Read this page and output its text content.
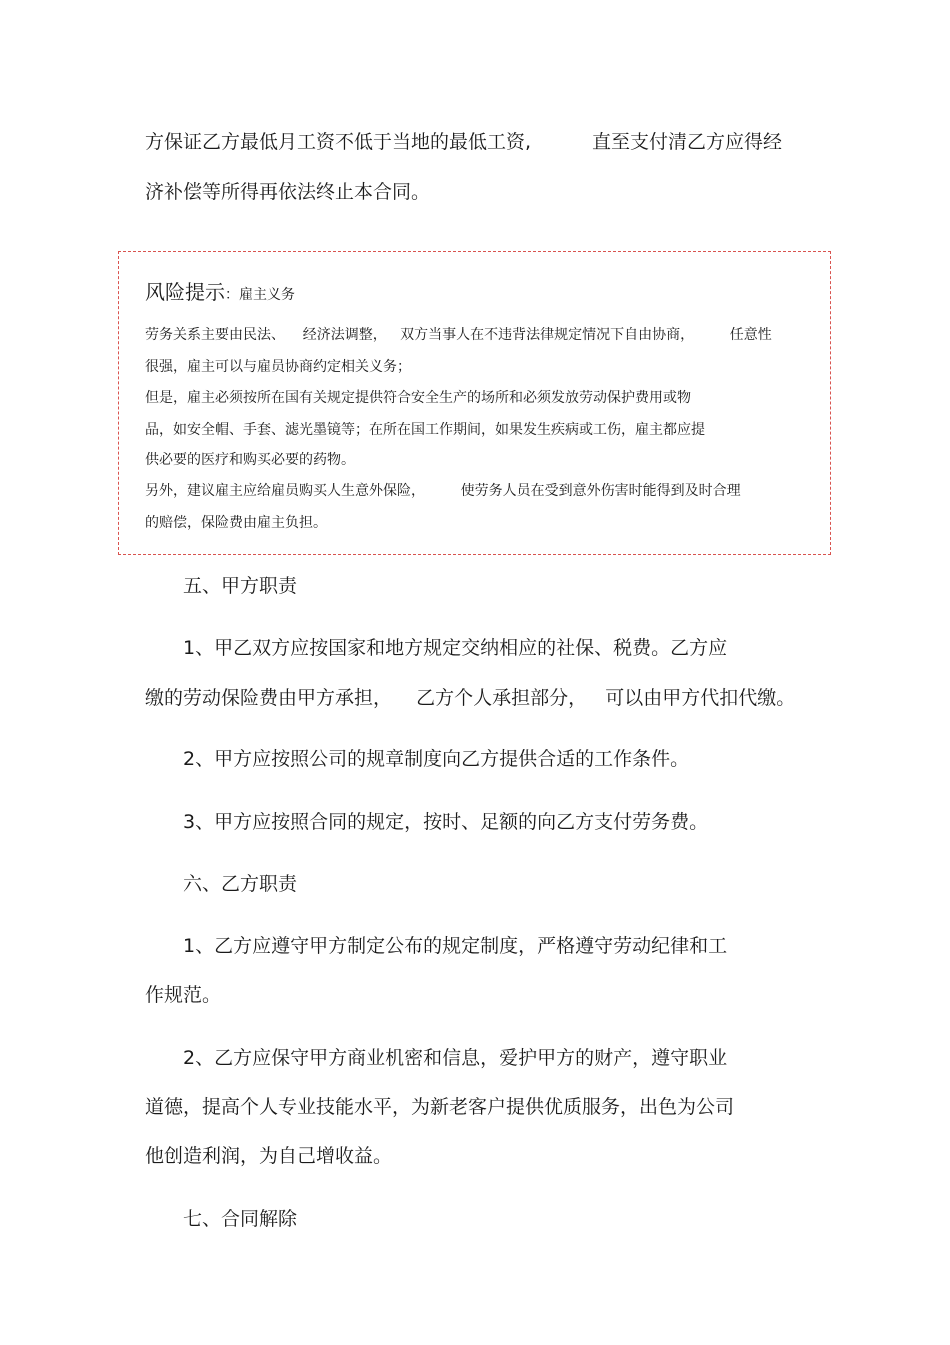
方保证乙方最低月工资不低于当地的最低工资,	直至支付清乙方应得经
济补偿等所得再依法终止本合同。
风险提示：雇主义务
劳务关系主要由民法、    经济法调整，   双方当事人在不违背法律规定情况下自由协商，        任意性
很强，雇主可以与雇员协商约定相关义务；
但是，雇主必须按所在国有关规定提供符合安全生产的场所和必须发放劳动保护费用或物
品，如安全帽、手套、滤光墨镜等；在所在国工作期间，如果发生疾病或工伤，雇主都应提
供必要的医疗和购买必要的药物。
另外，建议雇主应给雇员购买人生意外保险，        使劳务人员在受到意外伤害时能得到及时合理
的赔偿，保险费由雇主负担。
五、甲方职责
1、甲乙双方应按国家和地方规定交纳相应的社保、税费。乙方应
缴的劳动保险费由甲方承担，    乙方个人承担部分，   可以由甲方代扣代缴。
2、甲方应按照公司的规章制度向乙方提供合适的工作条件。
3、甲方应按照合同的规定，按时、足额的向乙方支付劳务费。
六、乙方职责
1、乙方应遵守甲方制定公布的规定制度，严格遵守劳动纪律和工
作规范。
2、乙方应保守甲方商业机密和信息，爱护甲方的财产，遵守职业
道德，提高个人专业技能水平，为新老客户提供优质服务，出色为公司
他创造利润，为自己增收益。
七、合同解除
